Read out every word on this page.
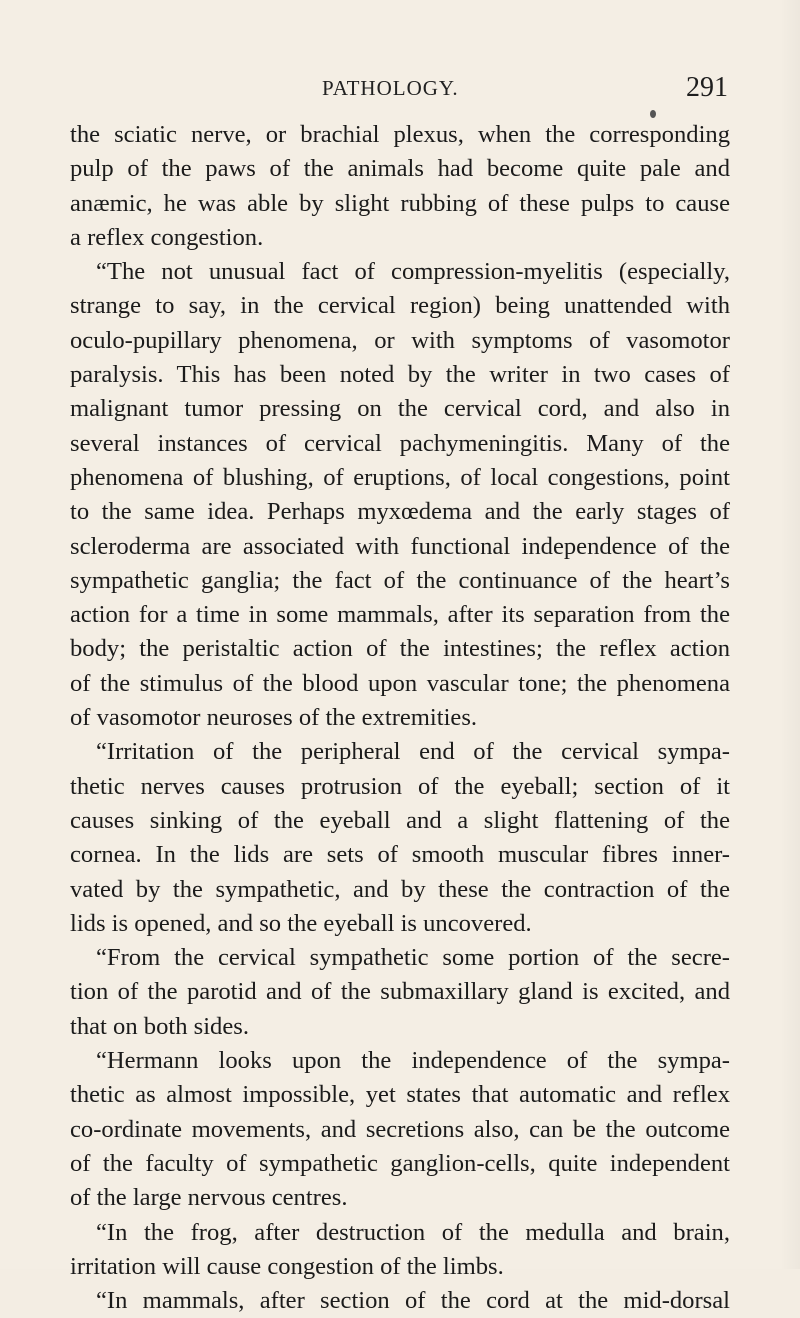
PATHOLOGY.	291
the sciatic nerve, or brachial plexus, when the corresponding
pulp of the paws of the animals had become quite pale and
anæmic, he was able by slight rubbing of these pulps to cause
a reflex congestion.
“The not unusual fact of compression-myelitis (especially,
strange to say, in the cervical region) being unattended with
oculo-pupillary phenomena, or with symptoms of vasomotor
paralysis. This has been noted by the writer in two cases of
malignant tumor pressing on the cervical cord, and also in
several instances of cervical pachymeningitis. Many of the
phenomena of blushing, of eruptions, of local congestions, point
to the same idea. Perhaps myxœdema and the early stages of
scleroderma are associated with functional independence of the
sympathetic ganglia; the fact of the continuance of the heart’s
action for a time in some mammals, after its separation from the
body; the peristaltic action of the intestines; the reflex action
of the stimulus of the blood upon vascular tone; the phenomena
of vasomotor neuroses of the extremities.
“Irritation of the peripheral end of the cervical sympa-
thetic nerves causes protrusion of the eyeball; section of it
causes sinking of the eyeball and a slight flattening of the
cornea. In the lids are sets of smooth muscular fibres inner-
vated by the sympathetic, and by these the contraction of the
lids is opened, and so the eyeball is uncovered.
“From the cervical sympathetic some portion of the secre-
tion of the parotid and of the submaxillary gland is excited, and
that on both sides.
“Hermann looks upon the independence of the sympa-
thetic as almost impossible, yet states that automatic and reflex
co-ordinate movements, and secretions also, can be the outcome
of the faculty of sympathetic ganglion-cells, quite independent
of the large nervous centres.
“In the frog, after destruction of the medulla and brain,
irritation will cause congestion of the limbs.
“In mammals, after section of the cord at the mid-dorsal
